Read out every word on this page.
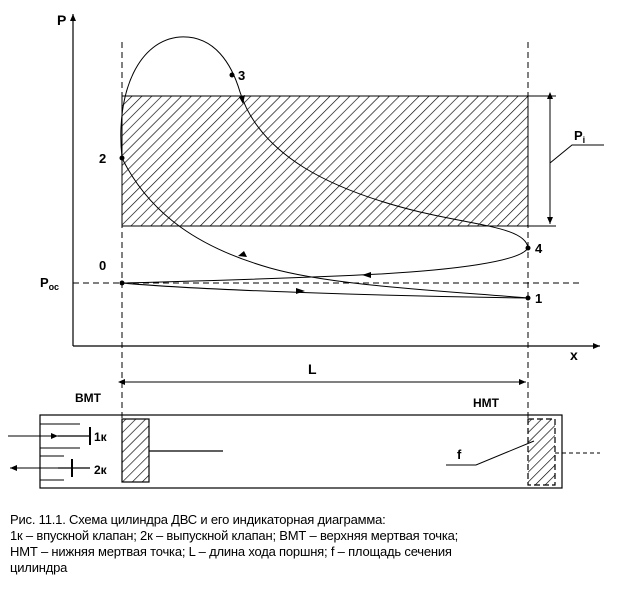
P
x
$P_{ос}$
$P_i$
0
1
2
3
4
L
ВМТ	НМТ
f
1к
2к
Рис. 11.1. Схема цилиндра ДВС и его индикаторная диаграмма:
1к – впускной клапан; 2к – выпускной клапан; ВМТ – верхняя мертвая точка;
НМТ – нижняя мертвая точка; L – длина хода поршня; f – площадь сечения
цилиндра
